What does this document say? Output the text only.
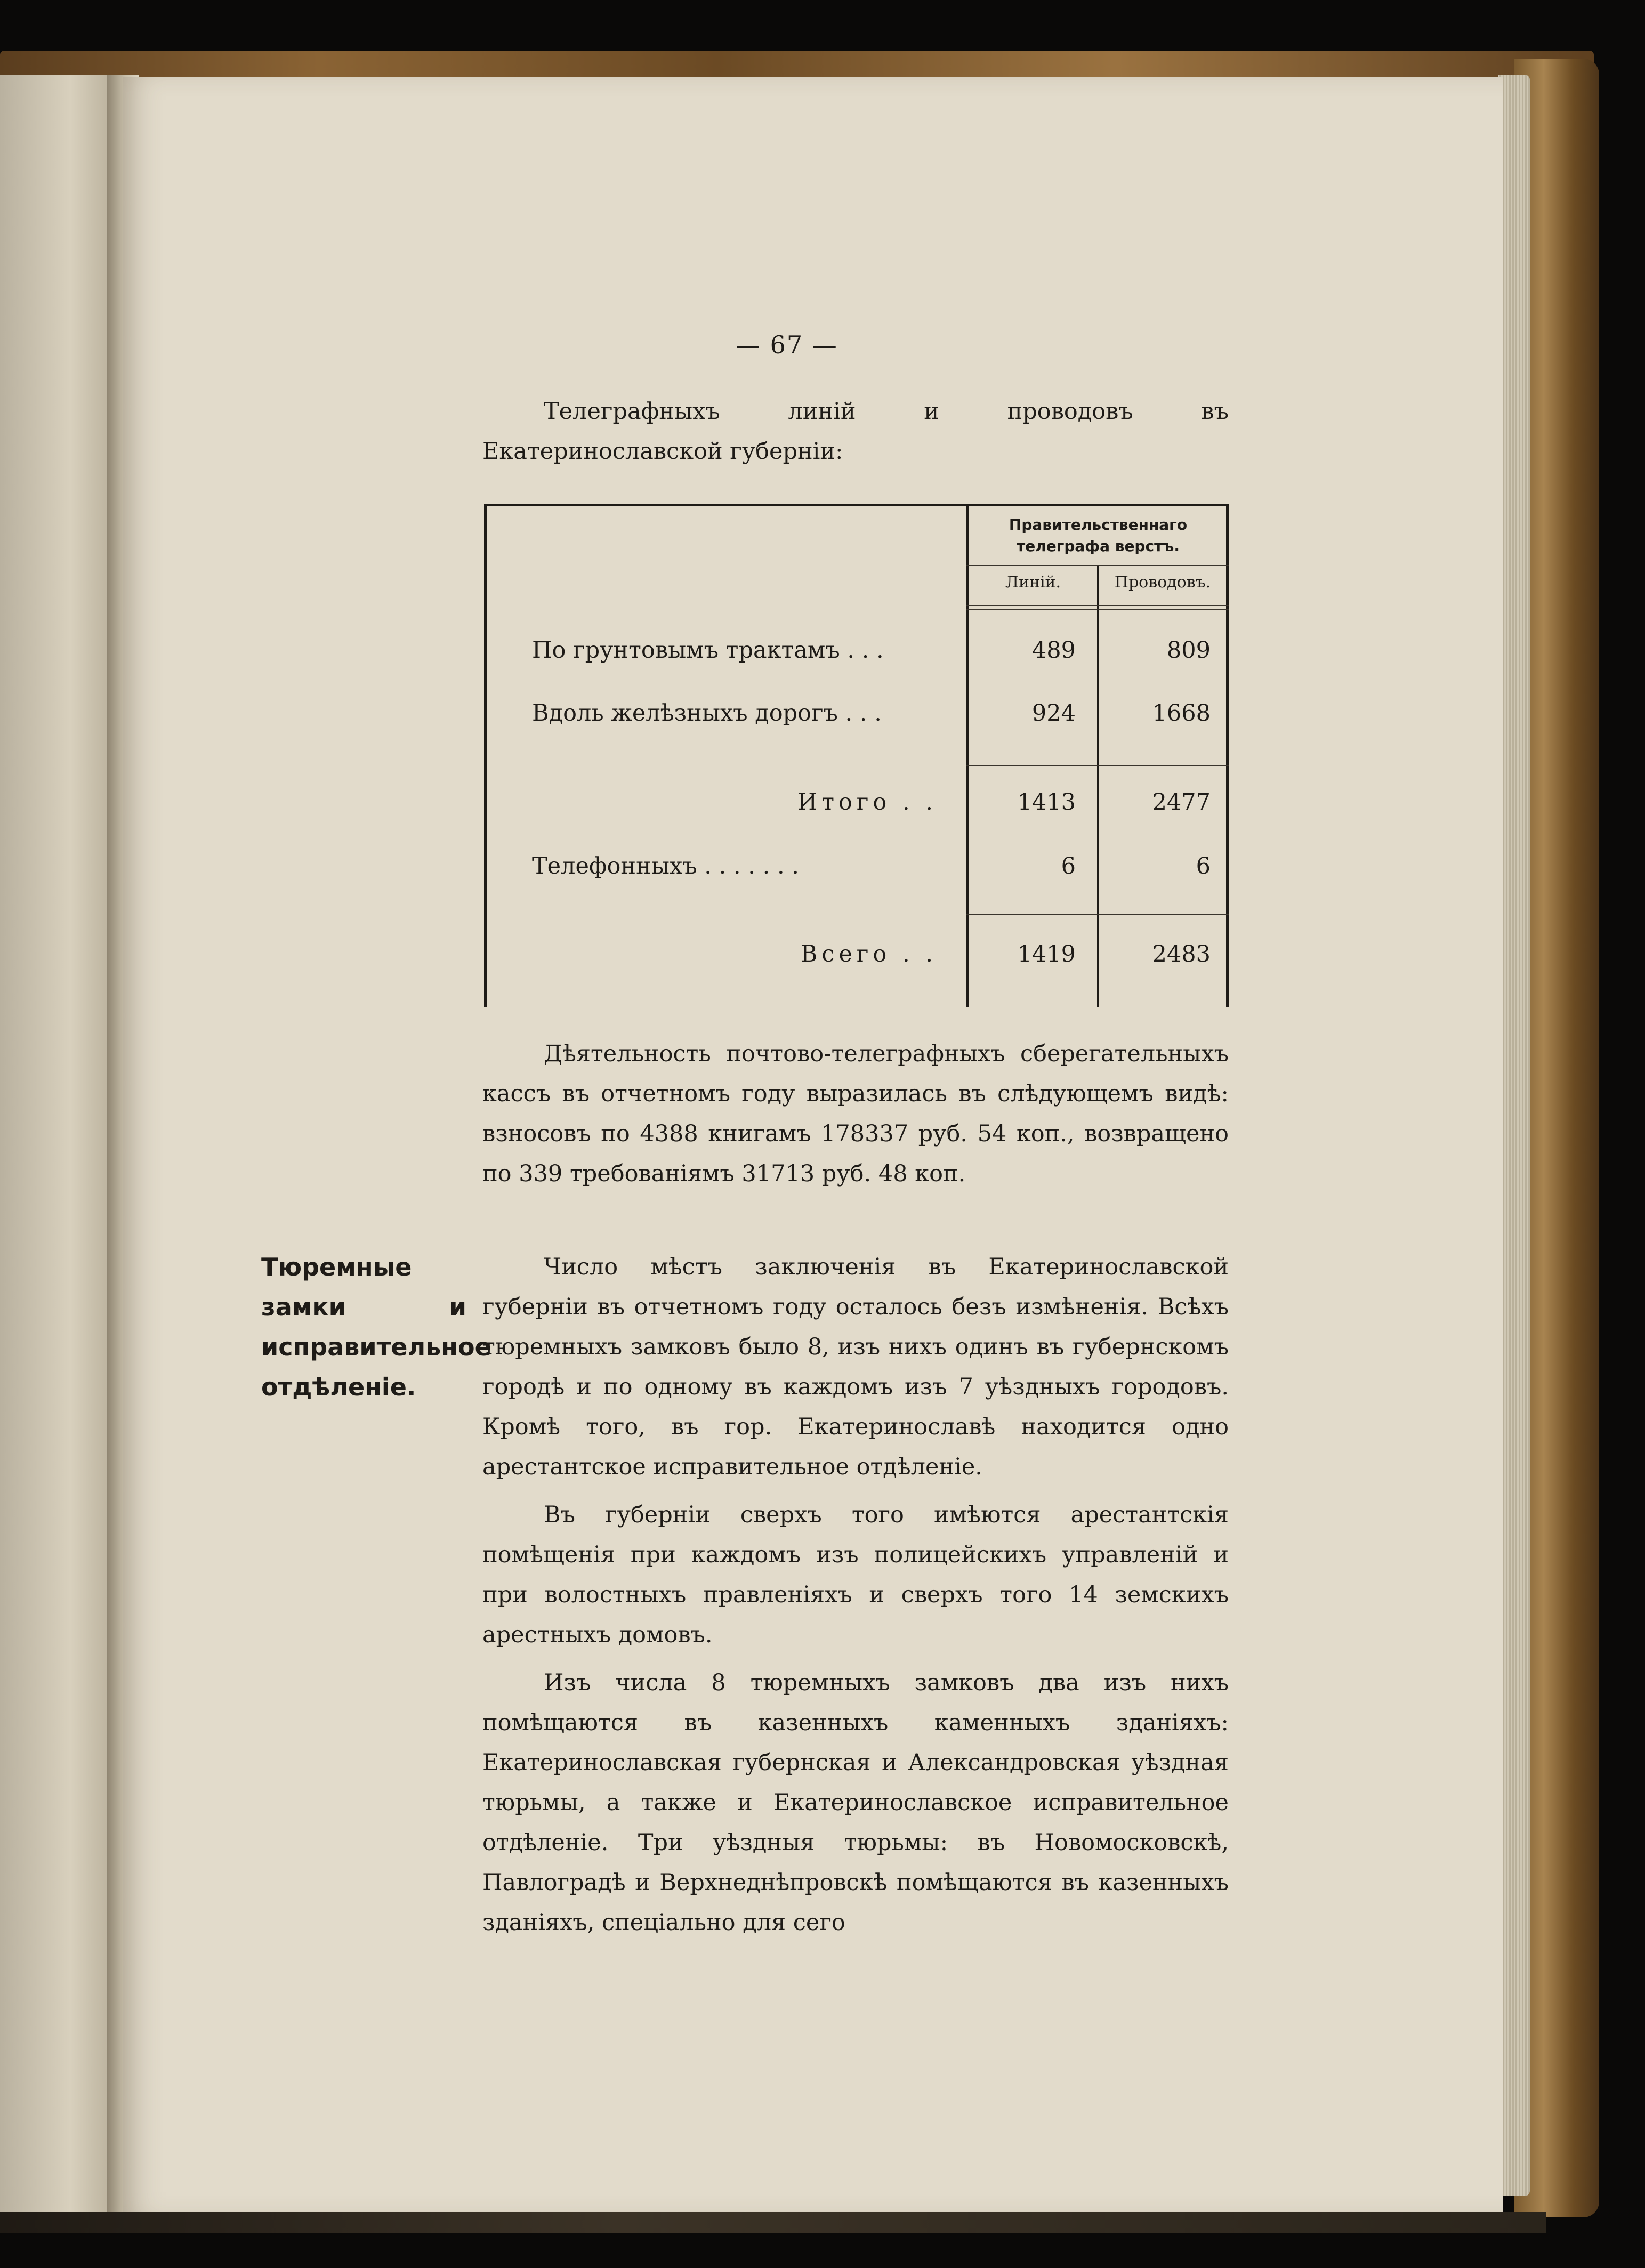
— 67 —

Телеграфныхъ линій и проводовъ въ Екатеринославской губерніи:

Правительственнаго телеграфа верстъ.
Линій.	Проводовъ.
По грунтовымъ трактамъ . . .	489	809
Вдоль желѣзныхъ дорогъ . . .	924	1668
Итого . .	1413	2477
Телефонныхъ . . . . . . .	6	6
Всего . .	1419	2483

Дѣятельность почтово-телеграфныхъ сберегательныхъ кассъ въ отчетномъ году выразилась въ слѣдующемъ видѣ: взносовъ по 4388 книгамъ 178337 руб. 54 коп., возвращено по 339 требованіямъ 31713 руб. 48 коп.

Тюремные замки и исправительное отдѣленіе.

Число мѣстъ заключенія въ Екатеринославской губерніи въ отчетномъ году осталось безъ измѣненія. Всѣхъ тюремныхъ замковъ было 8, изъ нихъ одинъ въ губернскомъ городѣ и по одному въ каждомъ изъ 7 уѣздныхъ городовъ. Кромѣ того, въ гор. Екатеринославѣ находится одно арестантское исправительное отдѣленіе.

Въ губерніи сверхъ того имѣются арестантскія помѣщенія при каждомъ изъ полицейскихъ управленій и при волостныхъ правленіяхъ и сверхъ того 14 земскихъ арестныхъ домовъ.

Изъ числа 8 тюремныхъ замковъ два изъ нихъ помѣщаются въ казенныхъ каменныхъ зданіяхъ: Екатеринославская губернская и Александровская уѣздная тюрьмы, а также и Екатеринославское исправительное отдѣленіе. Три уѣздныя тюрьмы: въ Новомосковскѣ, Павлоградѣ и Верхнеднѣпровскѣ помѣщаются въ казенныхъ зданіяхъ, спеціально для сего
